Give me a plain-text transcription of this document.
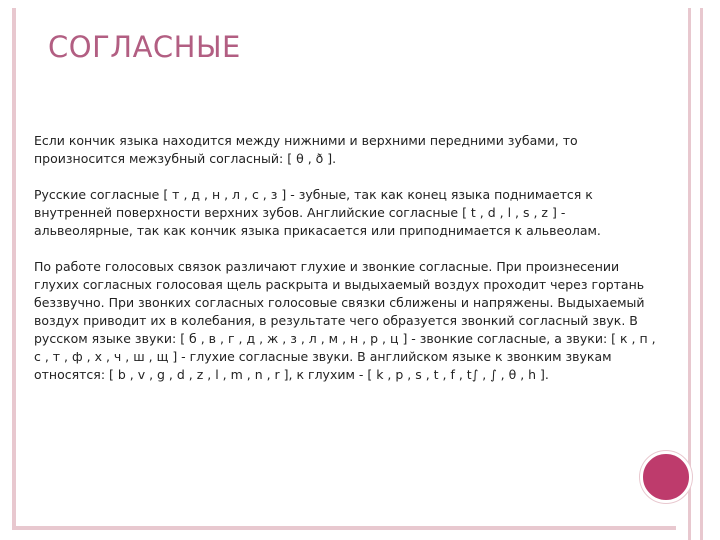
СОГЛАСНЫЕ

Если кончик языка находится между нижними и верхними передними зубами, то произносится межзубный согласный: [ θ , ð ].

Русские согласные [ т , д , н , л , с , з ] - зубные, так как конец языка поднимается к внутренней поверхности верхних зубов. Английские согласные [ t , d , l , s , z ] - альвеолярные, так как кончик языка прикасается или приподнимается к альвеолам.

По работе голосовых связок различают глухие и звонкие согласные. При произнесении глухих согласных голосовая щель раскрыта и выдыхаемый воздух проходит через гортань беззвучно. При звонких согласных голосовые связки сближены и напряжены. Выдыхаемый воздух приводит их в колебания, в результате чего образуется звонкий согласный звук. В русском языке звуки: [ б , в , г , д , ж , з , л , м , н , р , ц ] - звонкие согласные, а звуки: [ к , п , с , т , ф , х , ч , ш , щ ] - глухие согласные звуки. В английском языке к звонким звукам относятся: [ b , v , g , d , z , l , m , n , r ], к глухим - [ k , p , s , t , f , t∫ , ∫ , θ , h ].
